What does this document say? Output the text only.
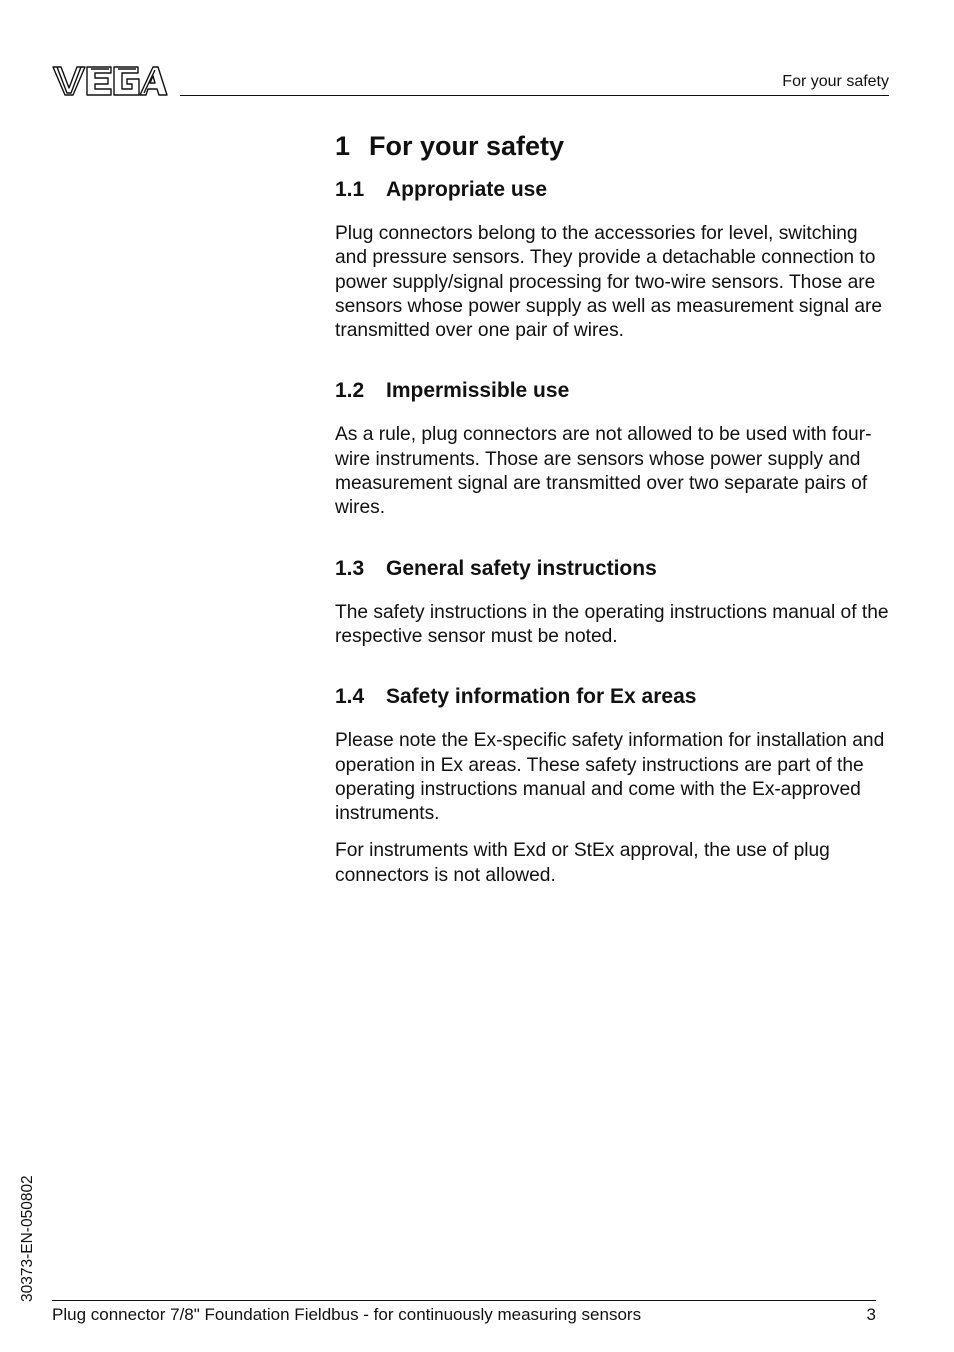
For your safety
1 For your safety
1.1 Appropriate use

Plug connectors belong to the accessories for level, switching and pressure sensors. They provide a detachable connection to power supply/signal processing for two-wire sensors. Those are sensors whose power supply as well as measurement signal are transmitted over one pair of wires.

1.2 Impermissible use

As a rule, plug connectors are not allowed to be used with four-wire instruments. Those are sensors whose power supply and measurement signal are transmitted over two separate pairs of wires.

1.3 General safety instructions

The safety instructions in the operating instructions manual of the respective sensor must be noted.

1.4 Safety information for Ex areas

Please note the Ex-specific safety information for installation and operation in Ex areas. These safety instructions are part of the operating instructions manual and come with the Ex-approved instruments.

For instruments with Exd or StEx approval, the use of plug connectors is not allowed.

30373-EN-050802
Plug connector 7/8" Foundation Fieldbus - for continuously measuring sensors	3
